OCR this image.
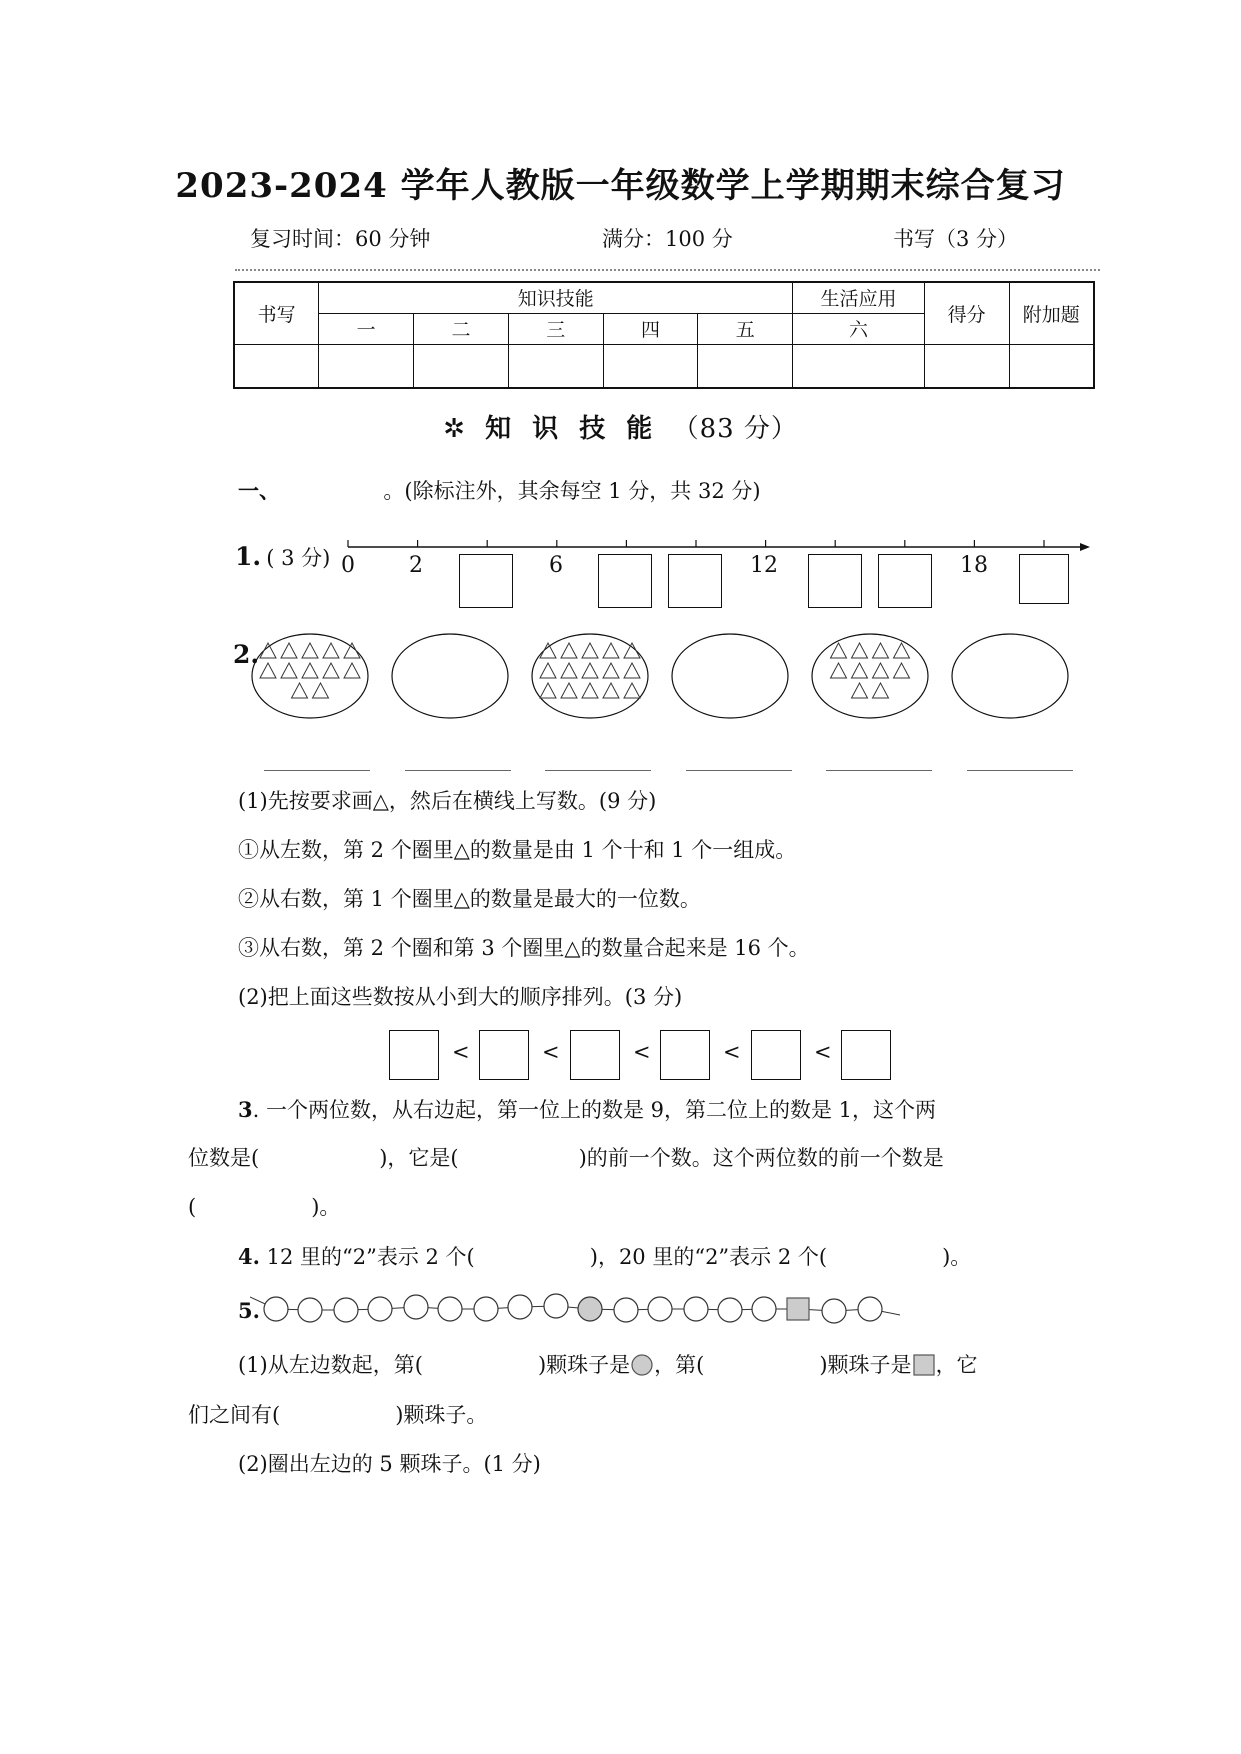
2023-2024 学年人教版一年级数学上学期期末综合复习
复习时间：60 分钟	满分：100 分	书写（3 分）
书写	知识技能					生活应用	得分	附加题
	一	二	三	四	五	六		

✲ 知 识 技 能 （83 分）
一、	。(除标注外，其余每空 1 分，共 32 分)
1. ( 3 分) 0 2	6	12	18
2.
(1)先按要求画△，然后在横线上写数。(9 分)
①从左数，第 2 个圈里△的数量是由 1 个十和 1 个一组成。
②从右数，第 1 个圈里△的数量是最大的一位数。
③从右数，第 2 个圈和第 3 个圈里△的数量合起来是 16 个。
(2)把上面这些数按从小到大的顺序排列。(3 分)
<	<	<	<	<
3. 一个两位数，从右边起，第一位上的数是 9，第二位上的数是 1，这个两
位数是(	)，它是(	)的前一个数。这个两位数的前一个数是
(	)。
4. 12 里的“2”表示 2 个(	)，20 里的“2”表示 2 个(	)。
5.
(1)从左边数起，第(	)颗珠子是 ，第(	)颗珠子是 ，它
们之间有(	)颗珠子。
(2)圈出左边的 5 颗珠子。(1 分)
